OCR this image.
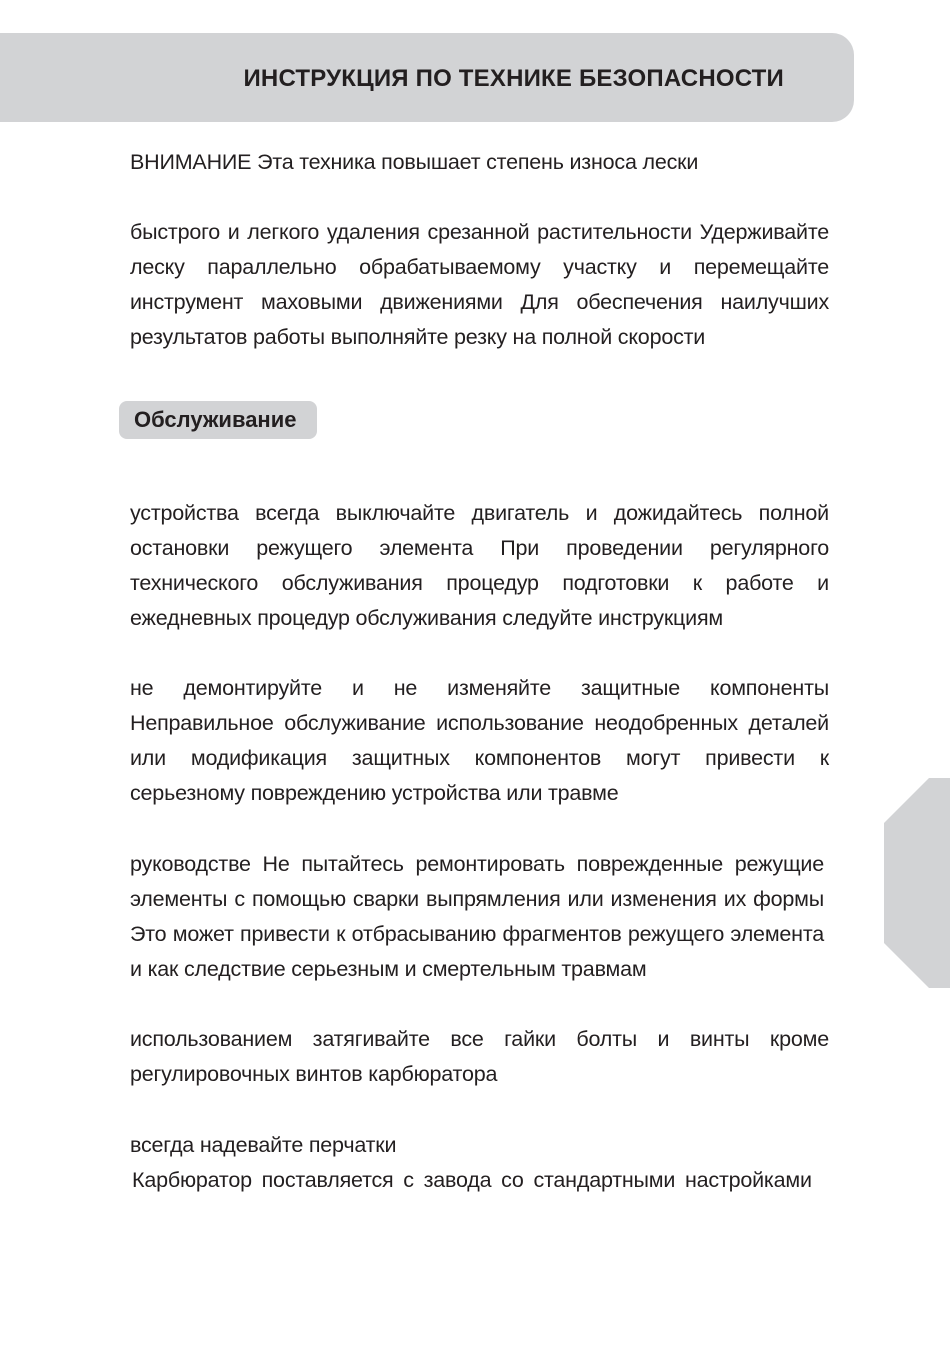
ИНСТРУКЦИЯ ПО ТЕХНИКЕ БЕЗОПАСНОСТИ

ВНИМАНИЕ Эта техника повышает степень износа лески

быстрого и легкого удаления срезанной растительности Удерживайте леску параллельно обрабатываемому участку и перемещайте инструмент маховыми движениями Для обеспечения наилучших результатов работы выполняйте резку на полной скорости

Обслуживание

устройства всегда выключайте двигатель и дожидайтесь полной остановки режущего элемента При проведении регулярного технического обслуживания процедур подготовки к работе и ежедневных процедур обслуживания следуйте инструкциям

не демонтируйте и не изменяйте защитные компоненты Неправильное обслуживание использование неодобренных деталей или модификация защитных компонентов могут привести к серьезному повреждению устройства или травме

руководстве Не пытайтесь ремонтировать поврежденные режущие элементы с помощью сварки выпрямления или изменения их формы Это может привести к отбрасыванию фрагментов режущего элемента и как следствие серьезным и смертельным травмам

использованием затягивайте все гайки болты и винты кроме регулировочных винтов карбюратора

всегда надевайте перчатки

Карбюратор поставляется с завода со стандартными настройками
